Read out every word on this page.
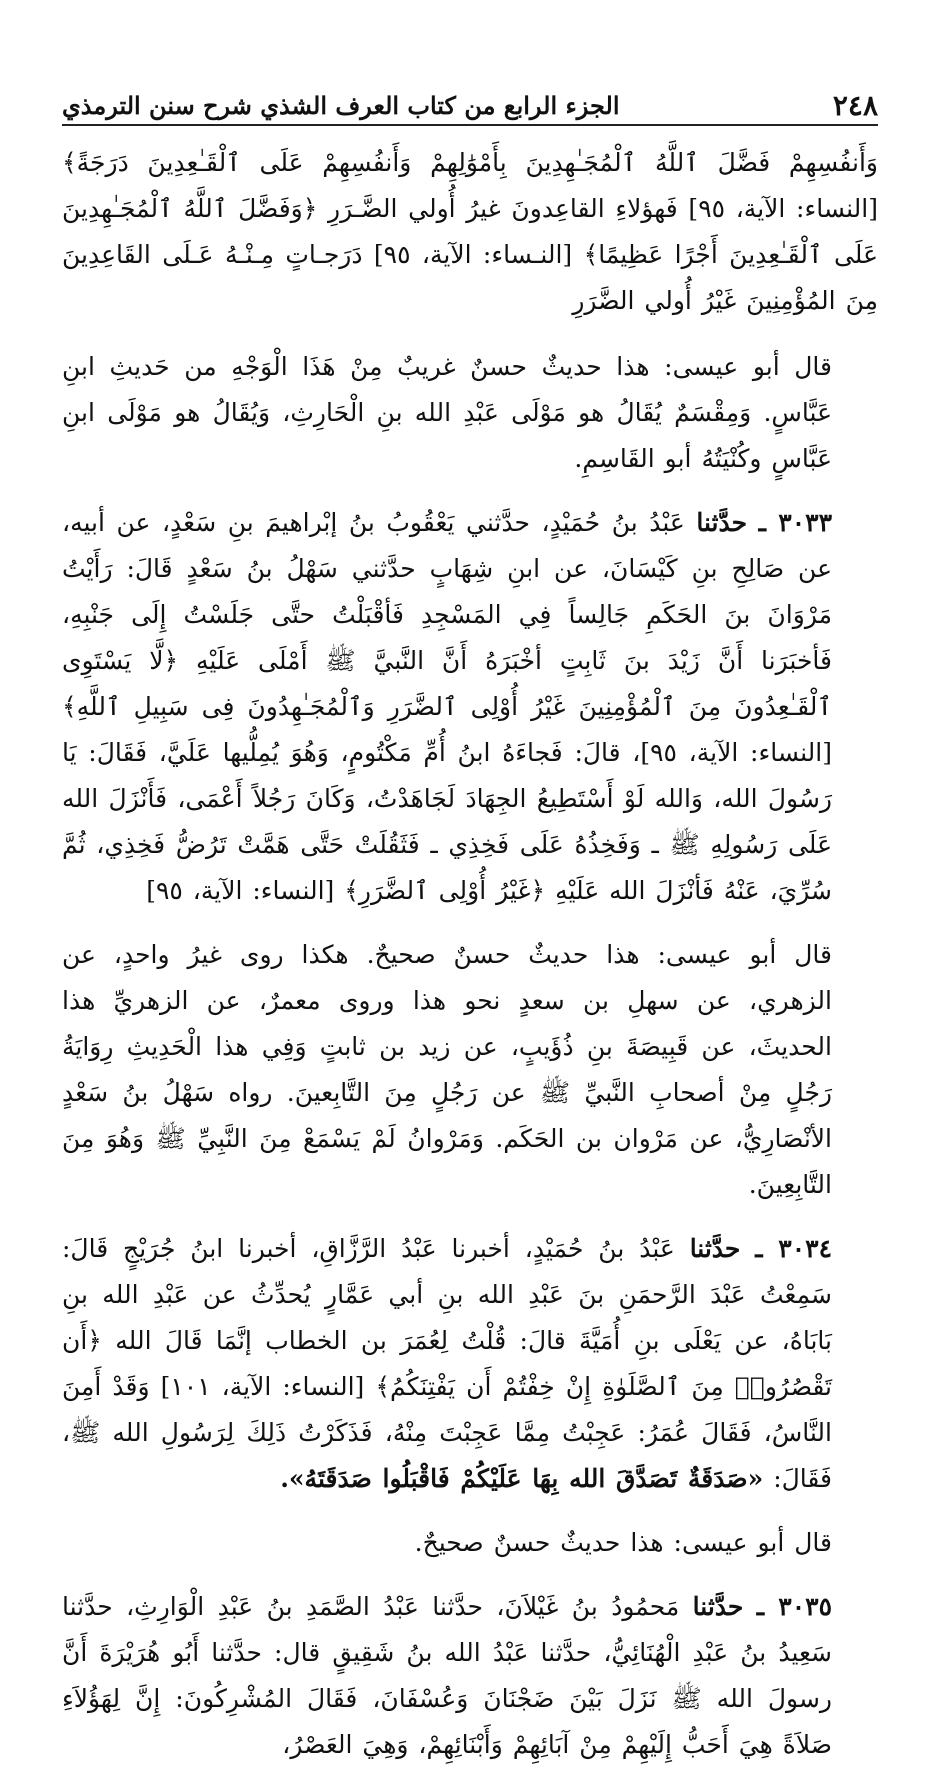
٢٤٨
الجزء الرابع من كتاب العرف الشذي شرح سنن الترمذي

وَأَنفُسِهِمْ فَضَّلَ ٱللَّهُ ٱلْمُجَـٰهِدِينَ بِأَمْوَٰلِهِمْ وَأَنفُسِهِمْ عَلَى ٱلْقَـٰعِدِينَ دَرَجَةً﴾ [النساء: الآية، ٩٥] فَهؤلاءِ القاعِدونَ غيرُ أُولي الضَّـرَرِ ﴿وَفَضَّلَ ٱللَّهُ ٱلْمُجَـٰهِدِينَ عَلَى ٱلْقَـٰعِدِينَ أَجْرًا عَظِيمًا﴾ [النـساء: الآية، ٩٥] دَرَجـاتٍ مِـنْـهُ عَـلَى القَاعِدِينَ مِنَ المُؤْمِنِينَ غَيْرُ أُولي الضَّرَرِ

قال أبو عيسى: هذا حديثٌ حسنٌ غريبٌ مِنْ هَذَا الْوَجْهِ من حَديثِ ابنِ عَبَّاسٍ. وَمِقْسَمٌ يُقَالُ هو مَوْلَى عَبْدِ الله بنِ الْحَارِثِ، وَيُقَالُ هو مَوْلَى ابنِ عَبَّاسٍ وكُنْيَتُهُ أبو القَاسِمِ.

٣٠٣٣ ـ حدَّثنا عَبْدُ بنُ حُمَيْدٍ، حدَّثني يَعْقُوبُ بنُ إبْراهيمَ بنِ سَعْدٍ، عن أبيه، عن صَالِحِ بنِ كَيْسَانَ، عن ابنِ شِهَابٍ حدَّثني سَهْلُ بنُ سَعْدٍ قَالَ: رَأَيْتُ مَرْوَانَ بنَ الحَكَمِ جَالِساً فِي المَسْجِدِ فَأقْبَلْتُ حتَّى جَلَسْتُ إِلَى جَنْبِهِ، فَأخبَرَنا أَنَّ زَيْدَ بنَ ثَابِتٍ أخْبَرَهُ أَنَّ النَّبيَّ ﷺ أَمْلَى عَلَيْهِ ﴿لَّا يَسْتَوِى ٱلْقَـٰعِدُونَ مِنَ ٱلْمُؤْمِنِينَ غَيْرُ أُوْلِى ٱلضَّرَرِ وَٱلْمُجَـٰهِدُونَ فِى سَبِيلِ ٱللَّهِ﴾ [النساء: الآية، ٩٥]، قالَ: فَجاءَهُ ابنُ أُمِّ مَكْتُومٍ، وَهُوَ يُمِلُّيها عَلَيَّ، فَقَالَ: يَا رَسُولَ الله، وَالله لَوْ أَسْتَطِيعُ الجِهَادَ لَجَاهَدْتُ، وَكَانَ رَجُلاً أَعْمَى، فَأَنْزَلَ الله عَلَى رَسُولِهِ ﷺ ـ وَفَخِذُهُ عَلَى فَخِذِي ـ فَثَقُلَتْ حَتَّى هَمَّتْ تَرُضُّ فَخِذِي، ثُمَّ سُرِّيَ، عَنْهُ فَأنْزَلَ الله عَلَيْهِ ﴿غَيْرُ أُوْلِى ٱلضَّرَرِ﴾ [النساء: الآية، ٩٥]

قال أبو عيسى: هذا حديثٌ حسنٌ صحيحٌ. هكذا روى غيرُ واحدٍ، عن الزهري، عن سهلِ بن سعدٍ نحو هذا وروى معمرٌ، عن الزهريِّ هذا الحديثَ، عن قَبِيصَةَ بنِ ذُؤَيبٍ، عن زيد بن ثابتٍ وَفِي هذا الْحَدِيثِ رِوَايَةُ رَجُلٍ مِنْ أصحابِ النَّبيِّ ﷺ عن رَجُلٍ مِنَ التَّابِعينَ. رواه سَهْلُ بنُ سَعْدٍ الأنْصَارِيُّ، عن مَرْوان بن الحَكَم. وَمَرْوانُ لَمْ يَسْمَعْ مِنَ النَّبِيِّ ﷺ وَهُوَ مِنَ التَّابِعِينَ.

٣٠٣٤ ـ حدَّثنا عَبْدُ بنُ حُمَيْدٍ، أخبرنا عَبْدُ الرَّزَّاقِ، أخبرنا ابنُ جُرَيْجٍ قَالَ: سَمِعْتُ عَبْدَ الرَّحمَنِ بنَ عَبْدِ الله بنِ أبي عَمَّارٍ يُحدِّثُ عن عَبْدِ الله بنِ بَابَاهُ، عن يَعْلَى بنِ أُمَيَّةَ قالَ: قُلْتُ لِعُمَرَ بن الخطاب إنَّمَا قَالَ الله ﴿أَن تَقْصُرُوا۟ مِنَ ٱلصَّلَوٰةِ إِنْ خِفْتُمْ أَن يَفْتِنَكُمُ﴾ [النساء: الآية، ١٠١] وَقَدْ أَمِنَ النَّاسُ، فَقَالَ عُمَرُ: عَجِبْتُ مِمَّا عَجِبْتَ مِنْهُ، فَذَكَرْتُ ذَلِكَ لِرَسُولِ الله ﷺ، فَقَالَ: «صَدَقَةٌ تَصَدَّقَ الله بِهَا عَلَيْكُمْ فَاقْبَلُوا صَدَقَتَهُ».

قال أبو عيسى: هذا حديثٌ حسنٌ صحيحٌ.

٣٠٣٥ ـ حدَّثنا مَحمُودُ بنُ غَيْلاَنَ، حدَّثنا عَبْدُ الصَّمَدِ بنُ عَبْدِ الْوَارِثِ، حدَّثنا سَعِيدُ بنُ عَبْدِ الْهُنَائِيُّ، حدَّثنا عَبْدُ الله بنُ شَقِيقٍ قال: حدَّثنا أَبُو هُرَيْرَةَ أَنَّ رسولَ الله ﷺ نَزَلَ بَيْنَ ضَجْنَانَ وَعُسْفَانَ، فَقَالَ المُشْرِكُونَ: إِنَّ لِهَؤُلاَءِ صَلاَةً هِيَ أَحَبُّ إِلَيْهِمْ مِنْ آبَائِهِمْ وَأَبْنَائِهِمْ، وَهِيَ العَصْرُ،
